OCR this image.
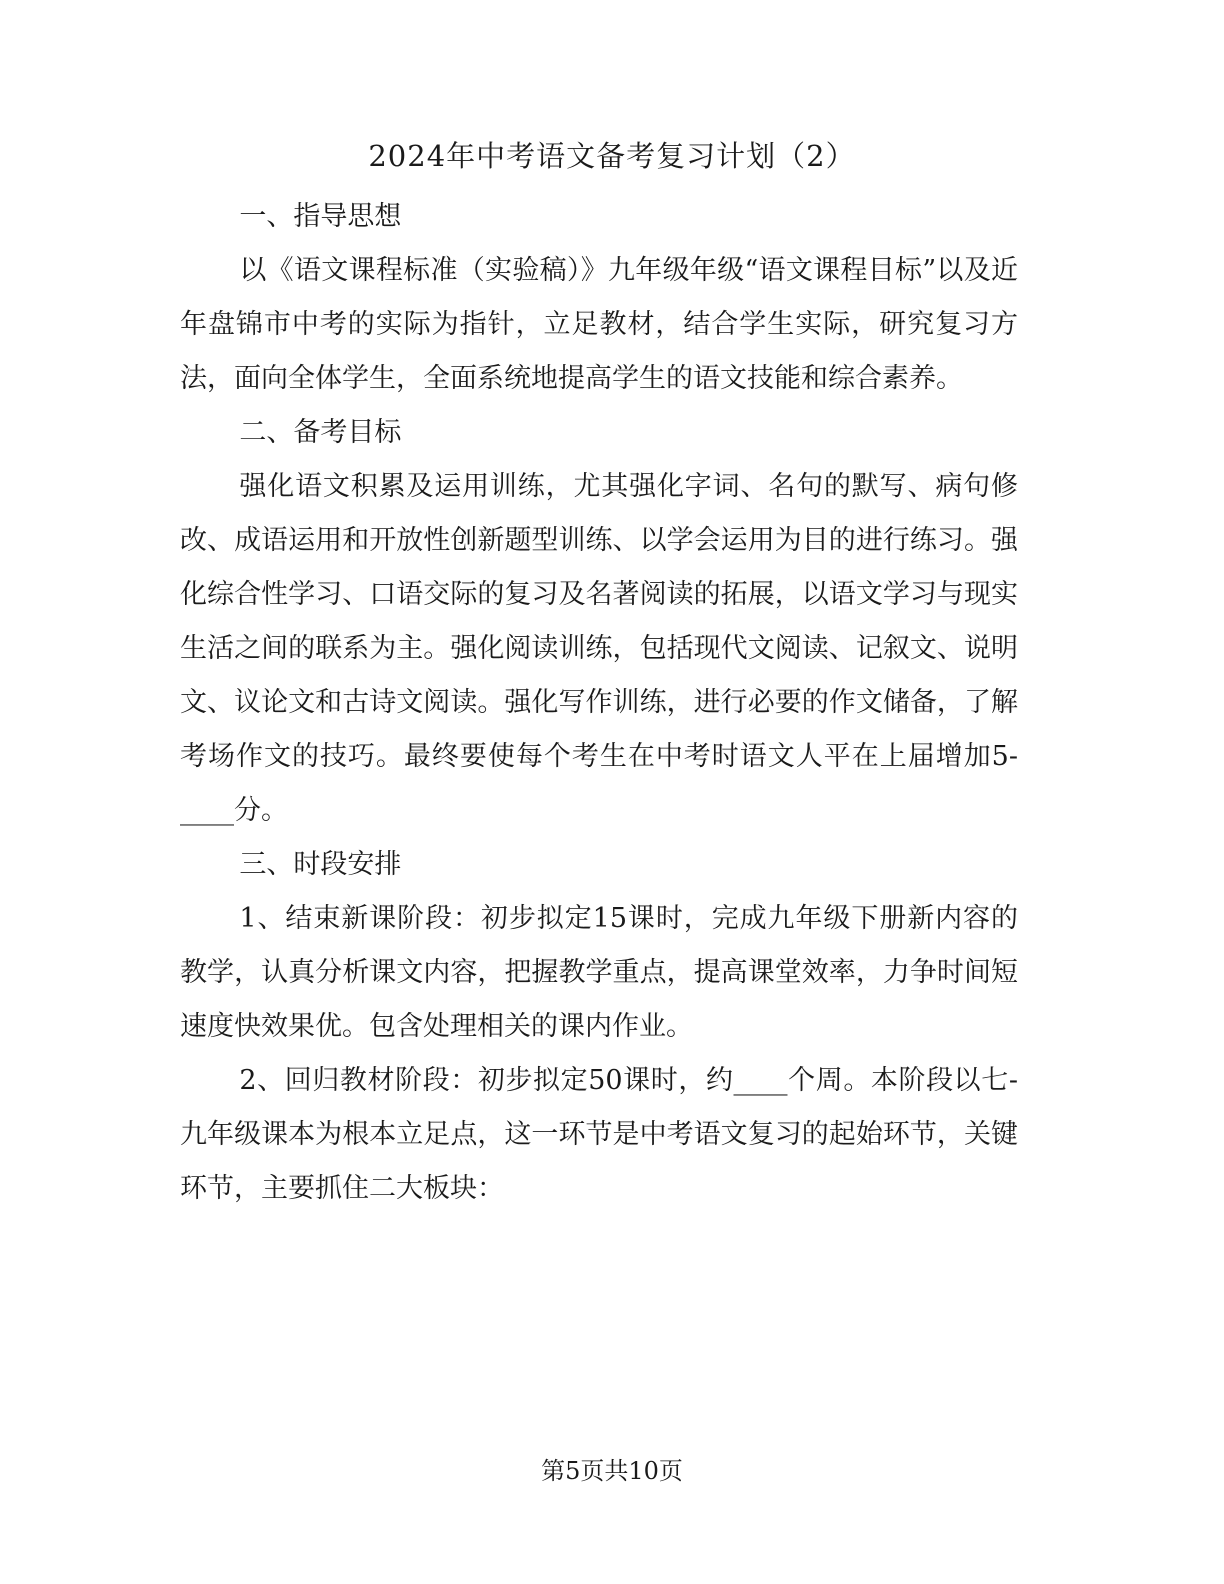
2024年中考语文备考复习计划（2）

一、指导思想

以《语文课程标准（实验稿）》九年级年级“语文课程目标”以及近年盘锦市中考的实际为指针，立足教材，结合学生实际，研究复习方法，面向全体学生，全面系统地提高学生的语文技能和综合素养。

二、备考目标

强化语文积累及运用训练，尤其强化字词、名句的默写、病句修改、成语运用和开放性创新题型训练、以学会运用为目的进行练习。强化综合性学习、口语交际的复习及名著阅读的拓展，以语文学习与现实生活之间的联系为主。强化阅读训练，包括现代文阅读、记叙文、说明文、议论文和古诗文阅读。强化写作训练，进行必要的作文储备，了解考场作文的技巧。最终要使每个考生在中考时语文人平在上届增加5-____分。

三、时段安排

1、结束新课阶段：初步拟定15课时，完成九年级下册新内容的教学，认真分析课文内容，把握教学重点，提高课堂效率，力争时间短速度快效果优。包含处理相关的课内作业。

2、回归教材阶段：初步拟定50课时，约____个周。本阶段以七-九年级课本为根本立足点，这一环节是中考语文复习的起始环节，关键环节，主要抓住二大板块：

第5页共10页
